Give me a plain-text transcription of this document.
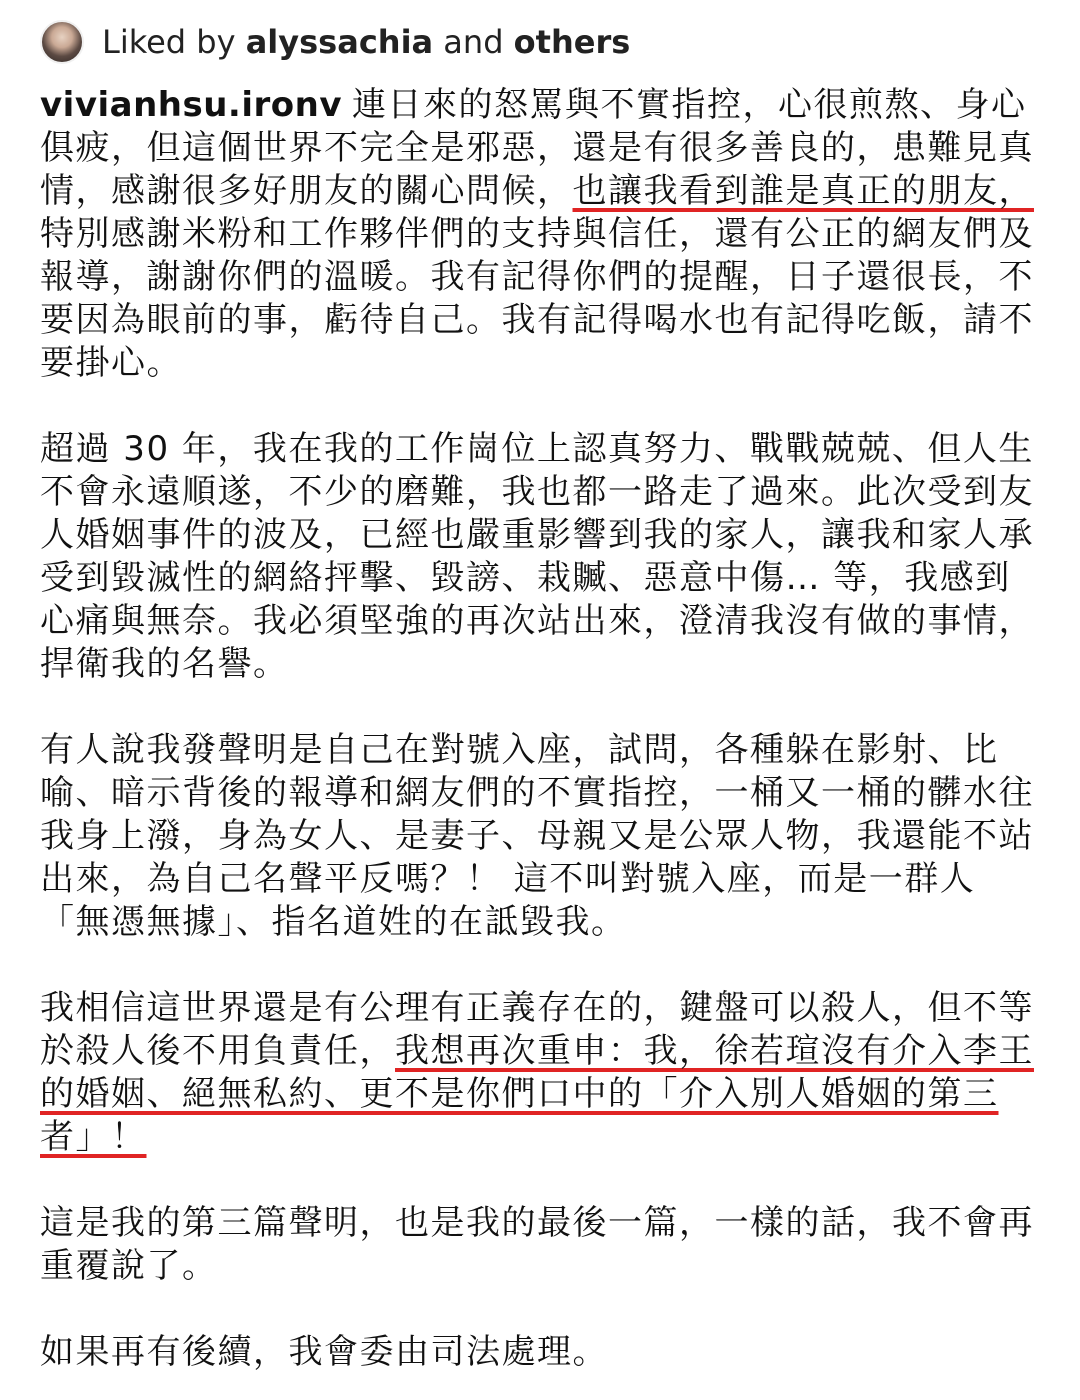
Liked by alyssachia and others

vivianhsu.ironv 連日來的怒罵與不實指控，心很煎熬、身心俱疲，但這個世界不完全是邪惡，還是有很多善良的，患難見真情，感謝很多好朋友的關心問候，也讓我看到誰是真正的朋友，特別感謝米粉和工作夥伴們的支持與信任，還有公正的網友們及報導，謝謝你們的溫暖。我有記得你們的提醒，日子還很長，不要因為眼前的事，虧待自己。我有記得喝水也有記得吃飯，請不要掛心。

超過 30 年，我在我的工作崗位上認真努力、戰戰兢兢、但人生不會永遠順遂，不少的磨難，我也都一路走了過來。此次受到友人婚姻事件的波及，已經也嚴重影響到我的家人，讓我和家人承受到毀滅性的網絡抨擊、毀謗、栽贓、惡意中傷… 等，我感到心痛與無奈。我必須堅強的再次站出來，澄清我沒有做的事情，捍衛我的名譽。

有人說我發聲明是自己在對號入座，試問，各種躲在影射、比喻、暗示背後的報導和網友們的不實指控，一桶又一桶的髒水往我身上潑，身為女人、是妻子、母親又是公眾人物，我還能不站出來，為自己名聲平反嗎？！ 這不叫對號入座，而是一群人「無憑無據」、指名道姓的在詆毀我。

我相信這世界還是有公理有正義存在的，鍵盤可以殺人，但不等於殺人後不用負責任，我想再次重申：我，徐若瑄沒有介入李王的婚姻、絕無私約、更不是你們口中的「介入別人婚姻的第三者」！

這是我的第三篇聲明，也是我的最後一篇，一樣的話，我不會再重覆說了。

如果再有後續，我會委由司法處理。
